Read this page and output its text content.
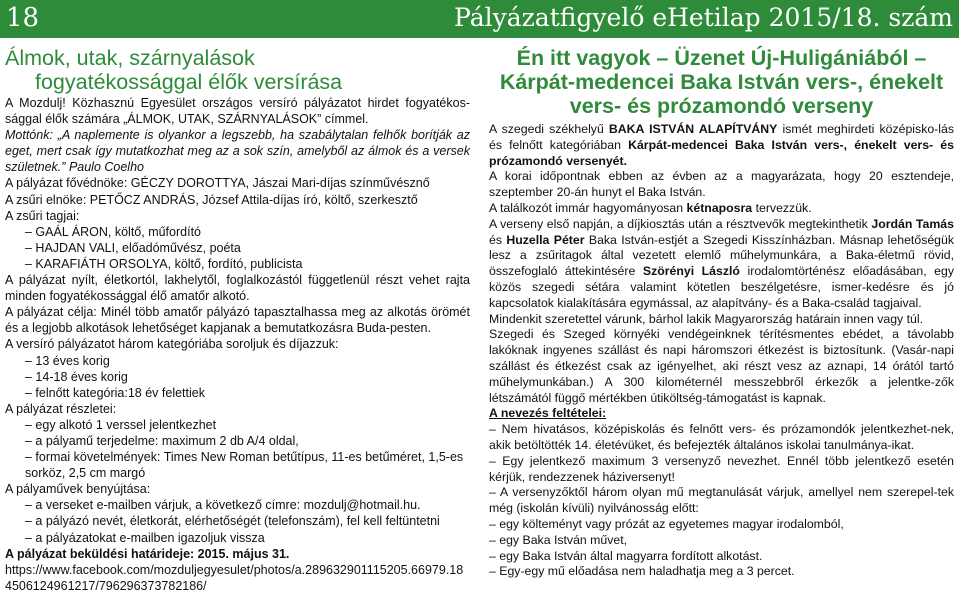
18	Pályázatfigyelő eHetilap 2015/18. szám
Álmok, utak, szárnyalások
fogyatékossággal élők versírása

A Mozdulj! Közhasznú Egyesület országos versíró pályázatot hirdet fogyatékos-sággal élők számára „ÁLMOK, UTAK, SZÁRNYALÁSOK” címmel.

Mottónk: „A naplemente is olyankor a legszebb, ha szabálytalan felhők borítják az eget, mert csak így mutatkozhat meg az a sok szín, amelyből az álmok és a versek születnek.” Paulo Coelho

A pályázat fővédnöke: GÉCZY DOROTTYA, Jászai Mari-díjas színművésznő

A zsűri elnöke: PETŐCZ ANDRÁS, József Attila-díjas író, költő, szerkesztő

A zsűri tagjai:

– GAÁL ÁRON, költő, műfordító

– HAJDAN VALI, előadóművész, poéta

– KARAFIÁTH ORSOLYA, költő, fordító, publicista

A pályázat nyílt, életkortól, lakhelytől, foglalkozástól függetlenül részt vehet rajta minden fogyatékossággal élő amatőr alkotó.

A pályázat célja: Minél több amatőr pályázó tapasztalhassa meg az alkotás örömét és a legjobb alkotások lehetőséget kapjanak a bemutatkozásra Buda-pesten.

A versíró pályázatot három kategóriába soroljuk és díjazzuk:

– 13 éves korig

– 14-18 éves korig

– felnőtt kategória:18 év felettiek

A pályázat részletei:

– egy alkotó 1 verssel jelentkezhet

– a pályamű terjedelme: maximum 2 db A/4 oldal,

– formai követelmények: Times New Roman betűtípus, 11-es betűméret, 1,5-es sorköz, 2,5 cm margó

A pályaművek benyújtása:

– a verseket e-mailben várjuk, a következő címre: mozdulj@hotmail.hu.

– a pályázó nevét, életkorát, elérhetőségét (telefonszám), fel kell feltüntetni

– a pályázatokat e-mailben igazoljuk vissza

A pályázat beküldési határideje: 2015. május 31.

https://www.facebook.com/mozduljegyesulet/photos/a.289632901115205.66979.184506124961217/796296373782186/

Én itt vagyok – Üzenet Új-Huligániából – Kárpát-medencei Baka István vers-, énekelt vers- és prózamondó verseny

A szegedi székhelyű BAKA ISTVÁN ALAPÍTVÁNY ismét meghirdeti középisko-lás és felnőtt kategóriában Kárpát-medencei Baka István vers-, énekelt vers- és prózamondó versenyét.

A korai időpontnak ebben az évben az a magyarázata, hogy 20 esztendeje, szeptember 20-án hunyt el Baka István.

A találkozót immár hagyományosan kétnaposra tervezzük.

A verseny első napján, a díjkiosztás után a résztvevők megtekinthetik Jordán Tamás és Huzella Péter Baka István-estjét a Szegedi Kisszínházban. Másnap lehetőségük lesz a zsűritagok által vezetett elemlő műhelymunkára, a Baka-életmű rövid, összefoglaló áttekintésére Szörényi László irodalomtörténész előadásában, egy közös szegedi sétára valamint kötetlen beszélgetésre, ismer-kedésre és jó kapcsolatok kialakítására egymással, az alapítvány- és a Baka-család tagjaival.

Mindenkit szeretettel várunk, bárhol lakik Magyarország határain innen vagy túl.

Szegedi és Szeged környéki vendégeinknek térítésmentes ebédet, a távolabb lakóknak ingyenes szállást és napi háromszori étkezést is biztosítunk. (Vasár-napi szállást és étkezést csak az igényelhet, aki részt vesz az aznapi, 14 órától tartó műhelymunkában.) A 300 kilométernél messzebbről érkezők a jelentke-zők létszámától függő mértékben útiköltség-támogatást is kapnak.

A nevezés feltételei:

– Nem hivatásos, középiskolás és felnőtt vers- és prózamondók jelentkezhet-nek, akik betöltötték 14. életévüket, és befejezték általános iskolai tanulmánya-ikat.

– Egy jelentkező maximum 3 versenyző nevezhet. Ennél több jelentkező esetén kérjük, rendezzenek háziversenyt!

– A versenyzőktől három olyan mű megtanulását várjuk, amellyel nem szerepel-tek még (iskolán kívüli) nyilvánosság előtt:

– egy költeményt vagy prózát az egyetemes magyar irodalomból,

– egy Baka István művet,

– egy Baka István által magyarra fordított alkotást.

– Egy-egy mű előadása nem haladhatja meg a 3 percet.
